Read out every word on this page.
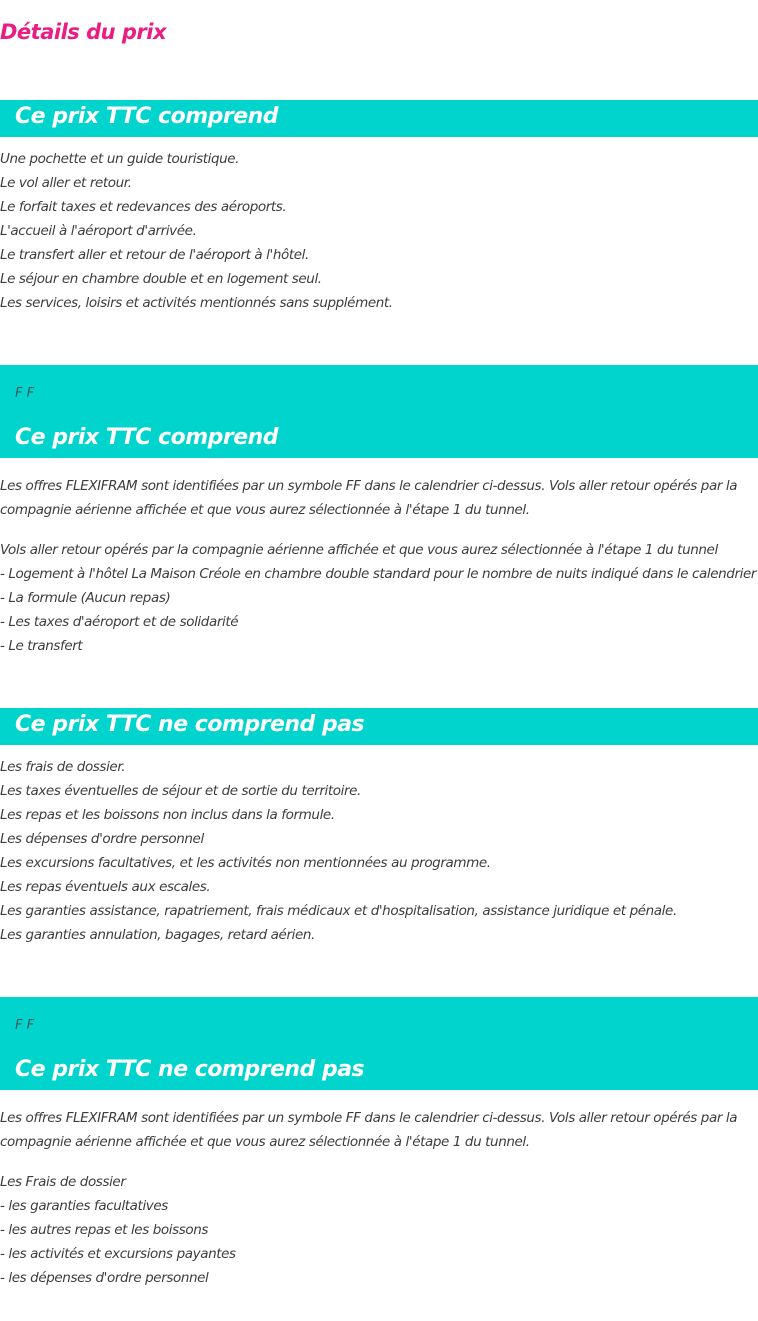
Détails du prix
Ce prix TTC comprend
Une pochette et un guide touristique.
Le vol aller et retour.
Le forfait taxes et redevances des aéroports.
L'accueil à l'aéroport d'arrivée.
Le transfert aller et retour de l'aéroport à l'hôtel.
Le séjour en chambre double et en logement seul.
Les services, loisirs et activités mentionnés sans supplément.
F F
Ce prix TTC comprend

Les offres FLEXIFRAM sont identifiées par un symbole FF dans le calendrier ci-dessus. Vols aller retour opérés par la compagnie aérienne affichée et que vous aurez sélectionnée à l'étape 1 du tunnel.

Vols aller retour opérés par la compagnie aérienne affichée et que vous aurez sélectionnée à l'étape 1 du tunnel
- Logement à l'hôtel La Maison Créole en chambre double standard pour le nombre de nuits indiqué dans le calendrier
- La formule (Aucun repas)
- Les taxes d'aéroport et de solidarité
- Le transfert
Ce prix TTC ne comprend pas
Les frais de dossier.
Les taxes éventuelles de séjour et de sortie du territoire.
Les repas et les boissons non inclus dans la formule.
Les dépenses d'ordre personnel
Les excursions facultatives, et les activités non mentionnées au programme.
Les repas éventuels aux escales.
Les garanties assistance, rapatriement, frais médicaux et d'hospitalisation, assistance juridique et pénale.
Les garanties annulation, bagages, retard aérien.
F F
Ce prix TTC ne comprend pas

Les offres FLEXIFRAM sont identifiées par un symbole FF dans le calendrier ci-dessus. Vols aller retour opérés par la compagnie aérienne affichée et que vous aurez sélectionnée à l'étape 1 du tunnel.

Les Frais de dossier
- les garanties facultatives
- les autres repas et les boissons
- les activités et excursions payantes
- les dépenses d'ordre personnel
